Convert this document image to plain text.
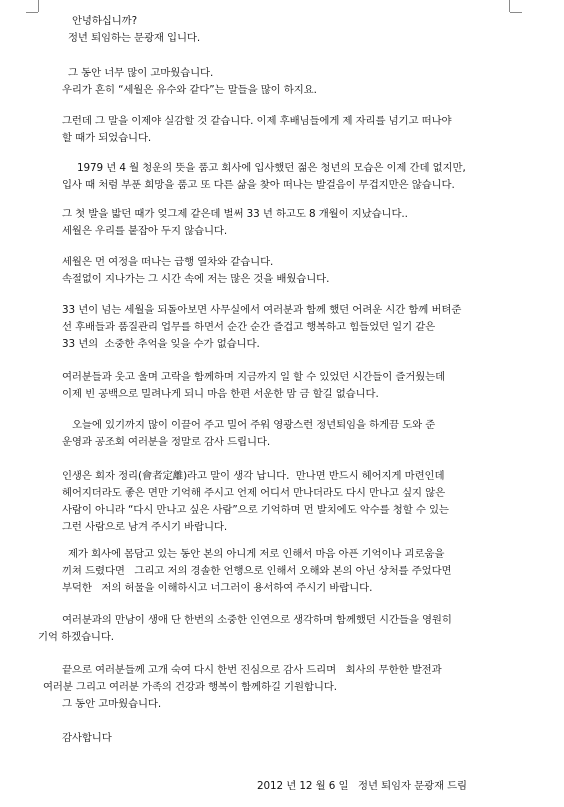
안녕하십니까?
정년 퇴임하는 문광재 입니다.
그 동안 너무 많이 고마웠습니다.
우리가 흔히 “세월은 유수와 같다”는 말들을 많이 하지요.
그런데 그 말을 이제야 실감할 것 같습니다. 이제 후배님들에게 제 자리를 넘기고 떠나야
할 때가 되었습니다.
1979 년 4 월 청운의 뜻을 품고 회사에 입사했던 젊은 청년의 모습은 이제 간데 없지만,
입사 때 처럼 부푼 희망을 품고 또 다른 삶을 찾아 떠나는 발걸음이 무겁지만은 않습니다.
그 첫 발을 밟던 때가 엊그제 같은데 벌써 33 년 하고도 8 개월이 지났습니다..
세월은 우리를 붙잡아 두지 않습니다.
세월은 먼 여정을 떠나는 급행 열차와 같습니다.
속절없이 지나가는 그 시간 속에 저는 많은 것을 배웠습니다.
33 년이 넘는 세월을 되돌아보면 사무실에서 여러분과 함께 했던 어려운 시간 함께 버텨준
선 후배들과 품질관리 업무를 하면서 순간 순간 즐겁고 행복하고 힘들었던 일기 같은
33 년의  소중한 추억을 잊을 수가 없습니다.
여러분들과 웃고 울며 고락을 함께하며 지금까지 일 할 수 있었던 시간들이 즐거웠는데
이제 빈 공백으로 밀려나게 되니 마음 한편 서운한 맘 금 할길 없습니다.
오늘에 있기까지 많이 이끌어 주고 밀어 주워 영광스런 정년퇴임을 하게끔 도와 준
운영과 공조회 여러분을 정말로 감사 드립니다.
인생은 회자 정리(會者定離)라고 말이 생각 납니다.  만나면 반드시 헤어지게 마련인데
헤어지더라도 좋은 면만 기억해 주시고 언제 어디서 만나더라도 다시 만나고 싶지 않은
사람이 아니라 “다시 만나고 싶은 사람”으로 기억하며 먼 발치에도 악수를 청할 수 있는
그런 사람으로 남겨 주시기 바랍니다.
제가 회사에 몸담고 있는 동안 본의 아니게 저로 인해서 마음 아픈 기억이나 괴로움을
끼쳐 드렸다면   그리고 저의 경솔한 언행으로 인해서 오해와 본의 아닌 상처를 주었다면
부덕한   저의 허물을 이해하시고 너그러이 용서하여 주시기 바랍니다.
여러분과의 만남이 생애 단 한번의 소중한 인연으로 생각하며 함께했던 시간들을 영원히
기억 하겠습니다.
끝으로 여러분들께 고개 숙여 다시 한번 진심으로 감사 드리며   회사의 무한한 발전과
여러분 그리고 여러분 가족의 건강과 행복이 함께하길 기원합니다.
그 동안 고마웠습니다.
감사합니다
2012 년 12 월 6 일   정년 퇴임자 문광재 드림
